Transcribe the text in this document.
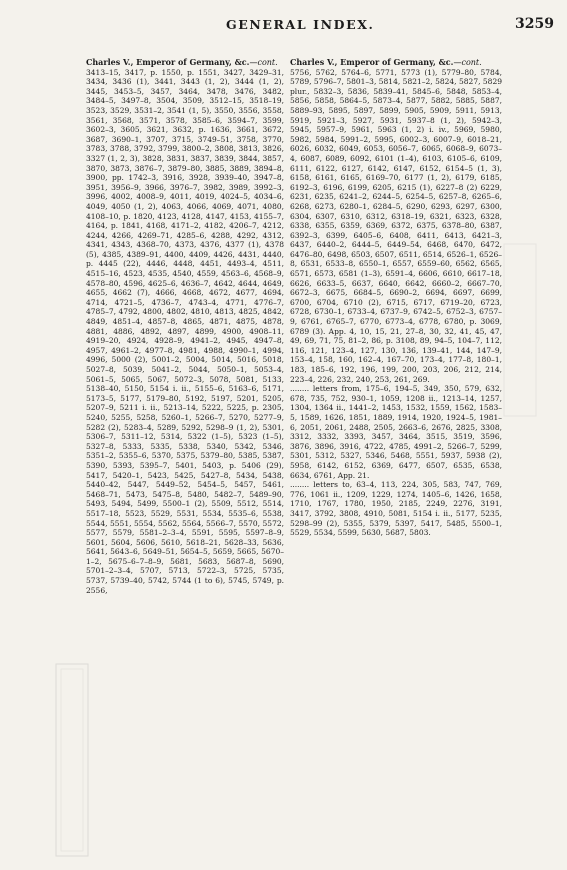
GENERAL INDEX.	3259

Charles V., Emperor of Germany, &c.—cont.

3413–15, 3417, p. 1550, p. 1551, 3427, 3429–31, 3434, 3436 (1), 3441, 3443 (1, 2), 3444 (1, 2), 3445, 3453–5, 3457, 3464, 3478, 3476, 3482, 3484–5, 3497–8, 3504, 3509, 3512–15, 3518–19, 3523, 3529, 3531–2, 3541 (1, 5), 3550, 3556, 3558, 3561, 3568, 3571, 3578, 3585–6, 3594–7, 3599, 3602–3, 3605, 3621, 3632, p. 1636, 3661, 3672, 3687, 3690–1, 3707, 3715, 3749–51, 3758, 3770, 3783, 3788, 3792, 3799, 3800–2, 3808, 3813, 3826, 3327 (1, 2, 3), 3828, 3831, 3837, 3839, 3844, 3857, 3870, 3873, 3876–7, 3879–80, 3885, 3889, 3894–8, 3900, pp. 1742–3, 3916, 3928, 3939–40, 3947–8, 3951, 3956–9, 3966, 3976–7, 3982, 3989, 3992–3, 3996, 4002, 4008–9, 4011, 4019, 4024–5, 4034–6, 4049, 4050 (1, 2), 4063, 4066, 4069, 4071, 4080, 4108–10, p. 1820, 4123, 4128, 4147, 4153, 4155–7, 4164, p. 1841, 4168, 4171–2, 4182, 4206–7, 4212, 4244, 4266, 4269–71, 4285–6, 4288, 4292, 4312, 4341, 4343, 4368–70, 4373, 4376, 4377 (1), 4378 (5), 4385, 4389–91, 4400, 4409, 4426, 4431, 4440, p. 4445 (22), 4446, 4448, 4451, 4493–4, 4511, 4515–16, 4523, 4535, 4540, 4559, 4563–6, 4568–9, 4578–80, 4596, 4625–6, 4636–7, 4642, 4644, 4649, 4655, 4662 (7), 4666, 4668, 4672, 4677, 4694, 4714, 4721–5, 4736–7, 4743–4, 4771, 4776–7, 4785–7, 4792, 4800, 4802, 4810, 4813, 4825, 4842, 4849, 4851–4, 4857–8, 4865, 4871, 4875, 4878, 4881, 4886, 4892, 4897, 4899, 4900, 4908–11, 4919–20, 4924, 4928–9, 4941–2, 4945, 4947–8, 4957, 4961–2, 4977–8, 4981, 4988, 4990–1, 4994, 4996, 5000 (2), 5001–2, 5004, 5014, 5016, 5018, 5027–8, 5039, 5041–2, 5044, 5050–1, 5053–4, 5061–5, 5065, 5067, 5072–3, 5078, 5081, 5133, 5138–40, 5150, 5154 i. ii., 5155–6, 5163–6, 5171, 5173–5, 5177, 5179–80, 5192, 5197, 5201, 5205, 5207–9, 5211 i. ii., 5213–14, 5222, 5225, p. 2305, 5240, 5255, 5258, 5260–1, 5266–7, 5270, 5277–9, 5282 (2), 5283–4, 5289, 5292, 5298–9 (1, 2), 5301, 5306–7, 5311–12, 5314, 5322 (1–5), 5323 (1–5), 5327–8, 5333, 5335, 5338, 5340, 5342, 5346, 5351–2, 5355–6, 5370, 5375, 5379–80, 5385, 5387, 5390, 5393, 5395–7, 5401, 5403, p. 5406 (29), 5417, 5420–1, 5423, 5425, 5427–8, 5434, 5438, 5440–42, 5447, 5449–52, 5454–5, 5457, 5461, 5468–71, 5473, 5475–8, 5480, 5482–7, 5489–90, 5493, 5494, 5499, 5500–1 (2), 5509, 5512, 5514, 5517–18, 5523, 5529, 5531, 5534, 5535–6, 5538, 5544, 5551, 5554, 5562, 5564, 5566–7, 5570, 5572, 5577, 5579, 5581–2–3–4, 5591, 5595, 5597–8–9, 5601, 5604, 5606, 5610, 5618–21, 5628–33, 5636, 5641, 5643–6, 5649–51, 5654–5, 5659, 5665, 5670–1–2, 5675–6–7–8–9, 5681, 5683, 5687–8, 5690, 5701–2–3–4, 5707, 5713, 5722–3, 5725, 5735, 5737, 5739–40, 5742, 5744 (1 to 6), 5745, 5749, p. 2556,

Charles V., Emperor of Germany, &c.—cont.

5756, 5762, 5764–6, 5771, 5773 (1), 5779–80, 5784, 5789, 5796–7, 5801–3, 5814, 5821–2, 5824, 5827, 5829 plur., 5832–3, 5836, 5839–41, 5845–6, 5848, 5853–4, 5856, 5858, 5864–5, 5873–4, 5877, 5882, 5885, 5887, 5889–93, 5895, 5897, 5899, 5905, 5909, 5911, 5913, 5919, 5921–3, 5927, 5931, 5937–8 (1, 2), 5942–3, 5945, 5957–9, 5961, 5963 (1, 2) i. iv., 5969, 5980, 5982, 5984, 5991–2, 5995, 6002–3, 6007–9, 6018–21, 6026, 6032, 6049, 6053, 6056–7, 6065, 6068–9, 6073–4, 6087, 6089, 6092, 6101 (1–4), 6103, 6105–6, 6109, 6111, 6122, 6127, 6142, 6147, 6152, 6154–5 (1, 3), 6158, 6161, 6165, 6169–70, 6177 (1, 2), 6179, 6185, 6192–3, 6196, 6199, 6205, 6215 (1), 6227–8 (2) 6229, 6231, 6235, 6241–2, 6244–5, 6254–5, 6257–8, 6265–6, 6268, 6273, 6280–1, 6284–5, 6290, 6293, 6297, 6300, 6304, 6307, 6310, 6312, 6318–19, 6321, 6323, 6328, 6338, 6355, 6359, 6369, 6372, 6375, 6378–80, 6387, 6392–3, 6399, 6405–6, 6408, 6411, 6413, 6421–3, 6437, 6440–2, 6444–5, 6449–54, 6468, 6470, 6472, 6476–80, 6498, 6503, 6507, 6511, 6514, 6526–1, 6526–8, 6531, 6533–8, 6550–1, 6557, 6559–60, 6562, 6565, 6571, 6573, 6581 (1–3), 6591–4, 6606, 6610, 6617–18, 6626, 6633–5, 6637, 6640, 6642, 6660–2, 6667–70, 6672–3, 6675, 6684–5, 6690–2, 6694, 6697, 6699, 6700, 6704, 6710 (2), 6715, 6717, 6719–20, 6723, 6728, 6730–1, 6733–4, 6737–9, 6742–5, 6752–3, 6757–9, 6761, 6765–7, 6770, 6773–4, 6778, 6780, p. 3069, 6789 (3). App. 4, 10, 15, 21, 27–8, 30, 32, 41, 45, 47, 49, 69, 71, 75, 81–2, 86, p. 3108, 89, 94–5, 104–7, 112, 116, 121, 123–4, 127, 130, 136, 139–41, 144, 147–9, 153–4, 158, 160, 162–4, 167–70, 173–4, 177–8, 180–1, 183, 185–6, 192, 196, 199, 200, 203, 206, 212, 214, 223–4, 226, 232, 240, 253, 261, 269.

........ letters from, 175–6, 194–5, 349, 350, 579, 632, 678, 735, 752, 930–1, 1059, 1208 ii., 1213–14, 1257, 1304, 1364 ii., 1441–2, 1453, 1532, 1559, 1562, 1583–5, 1589, 1626, 1851, 1889, 1914, 1920, 1924–5, 1981–6, 2051, 2061, 2488, 2505, 2663–6, 2676, 2825, 3308, 3312, 3332, 3393, 3457, 3464, 3515, 3519, 3596, 3876, 3896, 3916, 4722, 4785, 4991–2, 5266–7, 5299, 5301, 5312, 5327, 5346, 5468, 5551, 5937, 5938 (2), 5958, 6142, 6152, 6369, 6477, 6507, 6535, 6538, 6634, 6761, App. 21.

........ letters to, 63–4, 113, 224, 305, 583, 747, 769, 776, 1061 ii., 1209, 1229, 1274, 1405–6, 1426, 1658, 1710, 1767, 1780, 1950, 2185, 2249, 2276, 3191, 3417, 3792, 3808, 4910, 5081, 5154 i. ii., 5177, 5235, 5298–99 (2), 5355, 5379, 5397, 5417, 5485, 5500–1, 5529, 5534, 5599, 5630, 5687, 5803.
